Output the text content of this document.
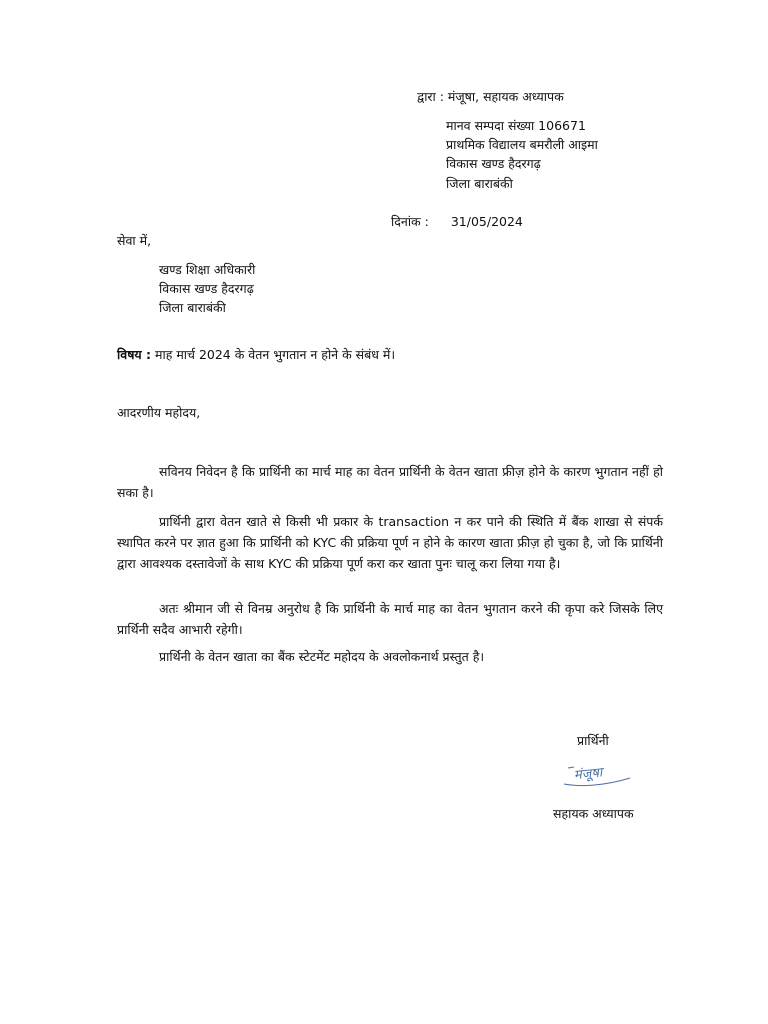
द्वारा : मंजूषा, सहायक अध्यापक
मानव सम्पदा संख्या 106671
प्राथमिक विद्यालय बमरौली आइमा
विकास खण्ड हैदरगढ़
जिला बाराबंकी
दिनांक : 31/05/2024
सेवा में,
खण्ड शिक्षा अधिकारी
विकास खण्ड हैदरगढ़
जिला बाराबंकी
विषय : माह मार्च 2024 के वेतन भुगतान न होने के संबंध में।
आदरणीय महोदय,
सविनय निवेदन है कि प्रार्थिनी का मार्च माह का वेतन प्रार्थिनी के वेतन खाता फ्रीज़ होने के कारण भुगतान नहीं हो सका है।
प्रार्थिनी द्वारा वेतन खाते से किसी भी प्रकार के transaction न कर पाने की स्थिति में बैंक शाखा से संपर्क स्थापित करने पर ज्ञात हुआ कि प्रार्थिनी को KYC की प्रक्रिया पूर्ण न होने के कारण खाता फ्रीज़ हो चुका है, जो कि प्रार्थिनी द्वारा आवश्यक दस्तावेजों के साथ KYC की प्रक्रिया पूर्ण करा कर खाता पुनः चालू करा लिया गया है।
अतः श्रीमान जी से विनम्र अनुरोध है कि प्रार्थिनी के मार्च माह का वेतन भुगतान करने की कृपा करे जिसके लिए प्रार्थिनी सदैव आभारी रहेगी।
प्रार्थिनी के वेतन खाता का बैंक स्टेटमेंट महोदय के अवलोकनार्थ प्रस्तुत है।
प्रार्थिनी
मंजूषा
सहायक अध्यापक
